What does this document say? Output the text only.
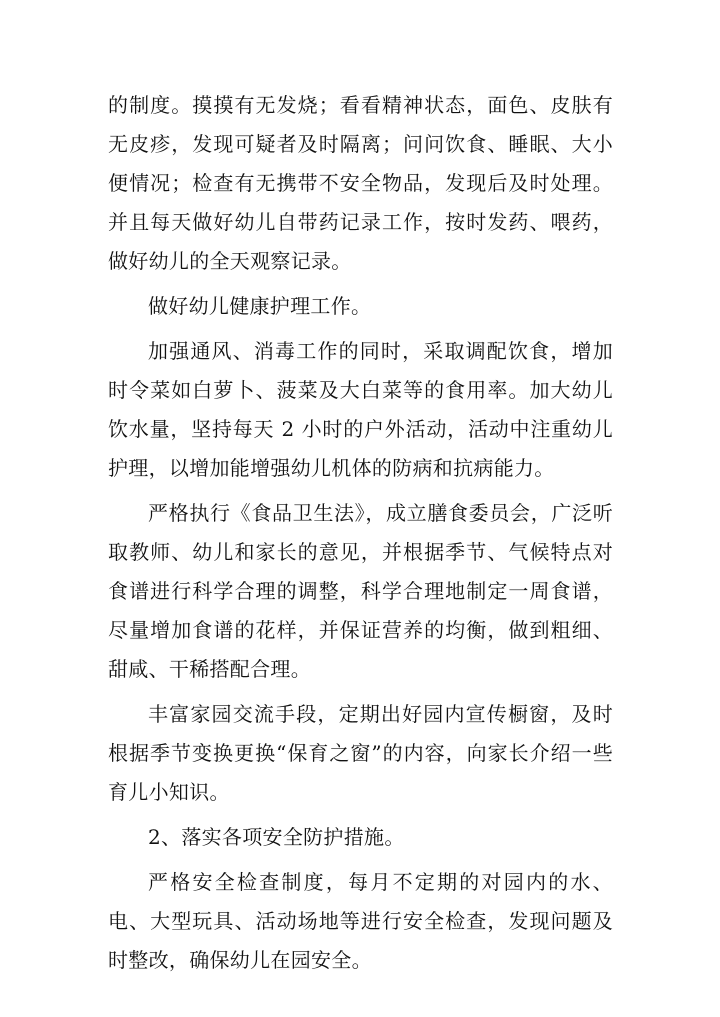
的制度。摸摸有无发烧；看看精神状态，面色、皮肤有无皮疹，发现可疑者及时隔离；问问饮食、睡眠、大小便情况；检查有无携带不安全物品，发现后及时处理。并且每天做好幼儿自带药记录工作，按时发药、喂药，做好幼儿的全天观察记录。

做好幼儿健康护理工作。

加强通风、消毒工作的同时，采取调配饮食，增加时令菜如白萝卜、菠菜及大白菜等的食用率。加大幼儿饮水量，坚持每天 2 小时的户外活动，活动中注重幼儿护理，以增加能增强幼儿机体的防病和抗病能力。

严格执行《食品卫生法》，成立膳食委员会，广泛听取教师、幼儿和家长的意见，并根据季节、气候特点对食谱进行科学合理的调整，科学合理地制定一周食谱，尽量增加食谱的花样，并保证营养的均衡，做到粗细、甜咸、干稀搭配合理。

丰富家园交流手段，定期出好园内宣传橱窗，及时根据季节变换更换“保育之窗”的内容，向家长介绍一些育儿小知识。

2、落实各项安全防护措施。

严格安全检查制度，每月不定期的对园内的水、电、大型玩具、活动场地等进行安全检查，发现问题及时整改，确保幼儿在园安全。
